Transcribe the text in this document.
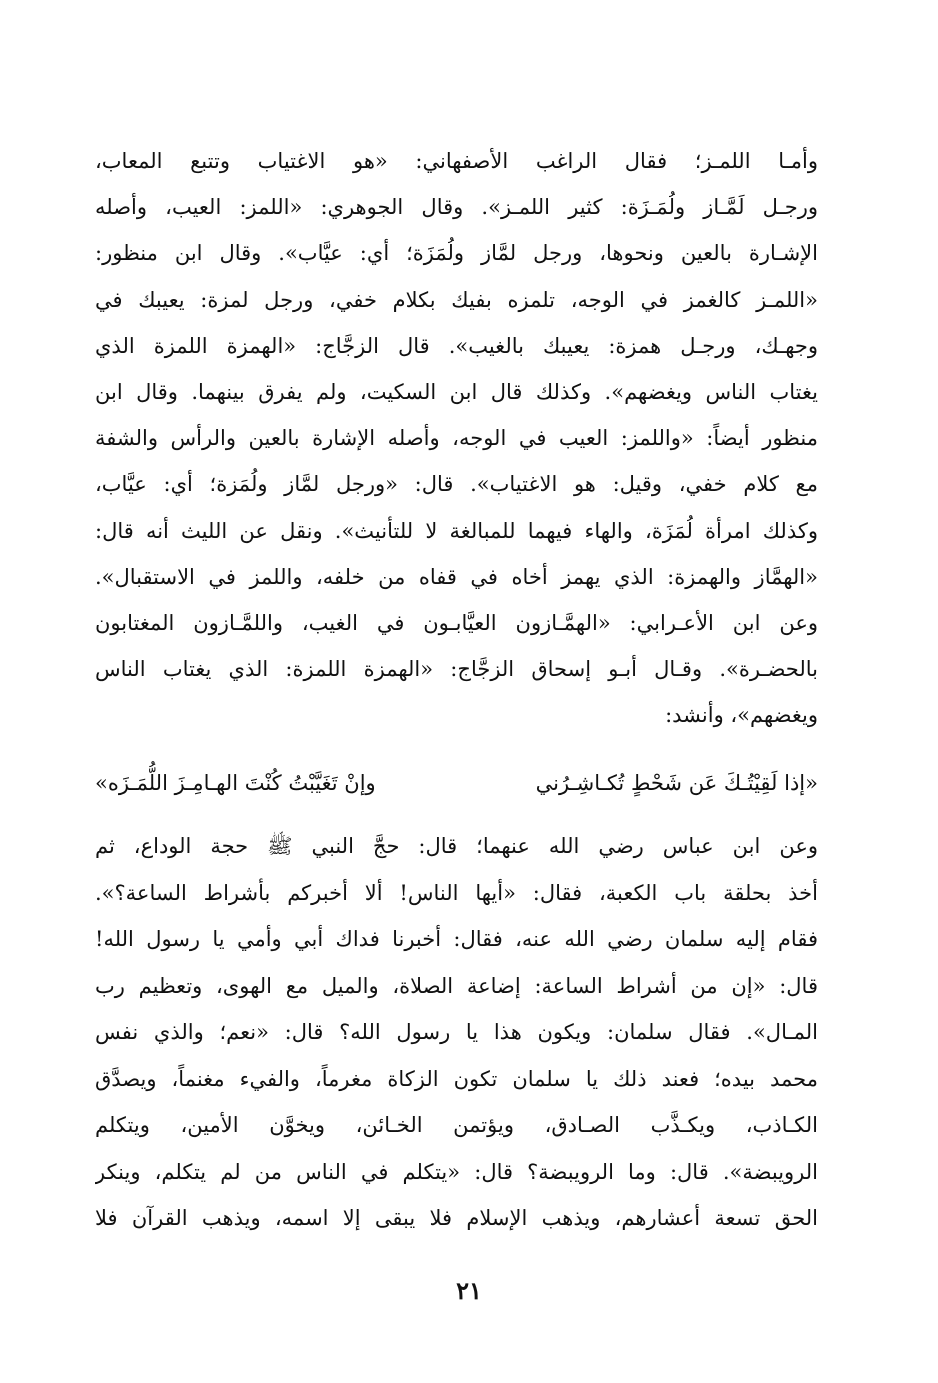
وأمـا اللمـز؛ فقال الراغب الأصفهاني: «هو الاغتياب وتتبع المعاب،
ورجـل لَمَّـاز ولُمَـزَة: كثير اللمـز». وقال الجوهري: «اللمز: العيب، وأصله
الإشـارة بالعين ونحوها، ورجل لمَّاز ولُمَزَة؛ أي: عيَّاب». وقال ابن منظور:
«اللمـز كالغمز في الوجه، تلمزه بفيك بكلام خفي، ورجل لمزة: يعيبك في
وجهـك، ورجـل همزة: يعيبك بالغيب». قال الزجَّاج: «الهمزة اللمزة الذي
يغتاب الناس ويغضهم». وكذلك قال ابن السكيت، ولم يفرق بينهما. وقال ابن
منظور أيضاً: «واللمز: العيب في الوجه، وأصله الإشارة بالعين والرأس والشفة
مع كلام خفي، وقيل: هو الاغتياب». قال: «ورجل لمَّاز ولُمَزة؛ أي: عيَّاب،
وكذلك امرأة لُمَزَة، والهاء فيهما للمبالغة لا للتأنيث». ونقل عن الليث أنه قال:
«الهمَّاز والهمزة: الذي يهمز أخاه في قفاه من خلفه، واللمز في الاستقبال».
وعن ابن الأعـرابي: «الهمَّـازون العيَّابـون في الغيب، واللمَّـازون المغتابون
بالحضـرة». وقـال أبـو إسحاق الزجَّاج: «الهمزة اللمزة: الذي يغتاب الناس
ويغضهم»، وأنشد:
«إذا لَقِيْتُـكَ عَن شَحْطٍ تُكـاشِـرُني
وإنْ تَغَيَّبْتُ كُنْتَ الهـامِـزَ اللُّمَـزَه»
وعن ابن عباس رضي الله عنهما؛ قال: حجَّ النبي ﷺ حجة الوداع، ثم
أخذ بحلقة باب الكعبة، فقال: «أيها الناس! ألا أخبركم بأشراط الساعة؟».
فقام إليه سلمان رضي الله عنه، فقال: أخبرنا فداك أبي وأمي يا رسول الله!
قال: «إن من أشراط الساعة: إضاعة الصلاة، والميل مع الهوى، وتعظيم رب
المـال». فقال سلمان: ويكون هذا يا رسول الله؟ قال: «نعم؛ والذي نفس
محمد بيده؛ فعند ذلك يا سلمان تكون الزكاة مغرماً، والفيء مغنماً، ويصدَّق
الكـاذب، ويكـذَّب الصـادق، ويؤتمن الخـائن، ويخوَّن الأمين، ويتكلم
الرويبضة». قال: وما الرويبضة؟ قال: «يتكلم في الناس من لم يتكلم، وينكر
الحق تسعة أعشارهم، ويذهب الإسلام فلا يبقى إلا اسمه، ويذهب القرآن فلا
٢١
